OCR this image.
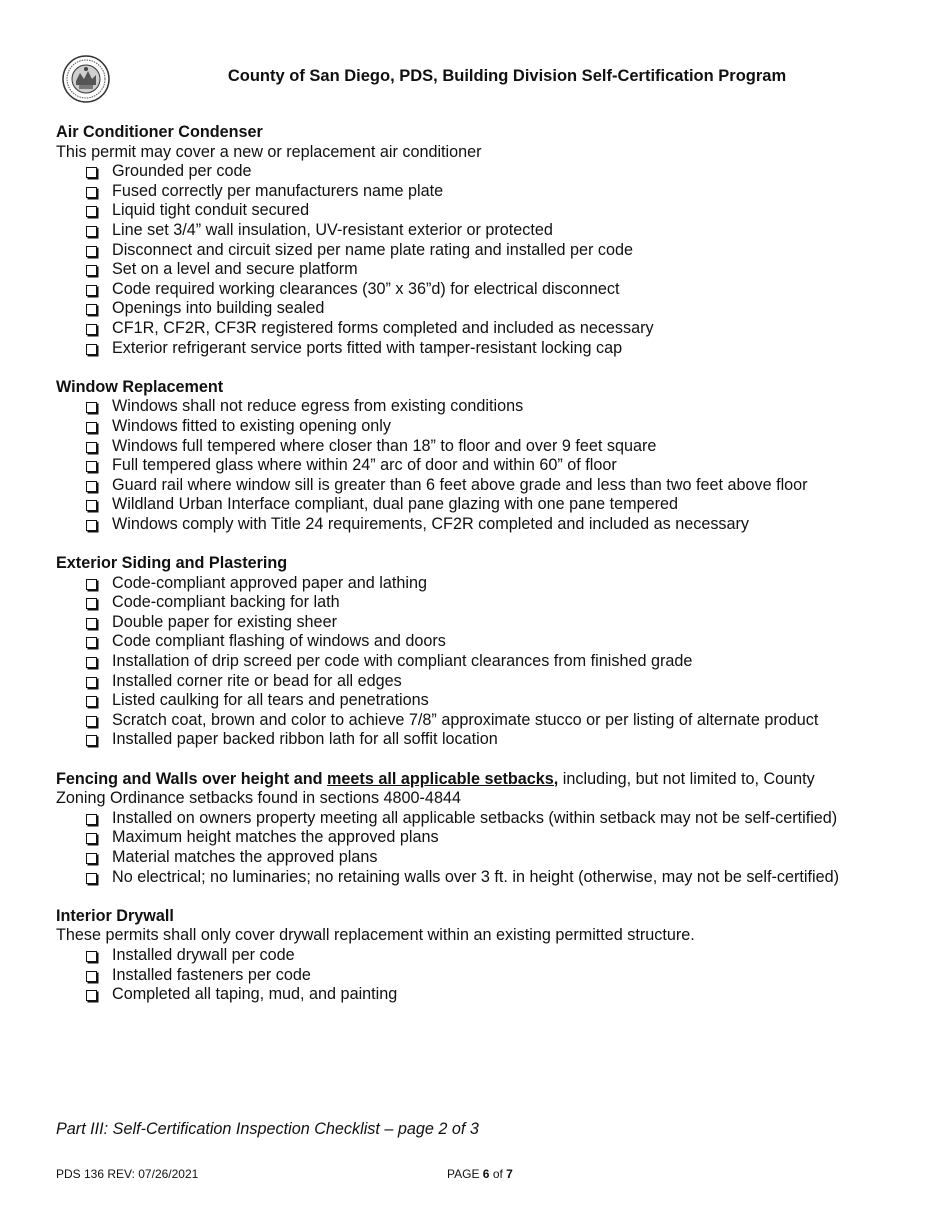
County of San Diego, PDS, Building Division Self-Certification Program
Air Conditioner Condenser
This permit may cover a new or replacement air conditioner
Grounded per code
Fused correctly per manufacturers name plate
Liquid tight conduit secured
Line set 3/4” wall insulation, UV-resistant exterior or protected
Disconnect and circuit sized per name plate rating and installed per code
Set on a level and secure platform
Code required working clearances (30” x 36”d) for electrical disconnect
Openings into building sealed
CF1R, CF2R, CF3R registered forms completed and included as necessary
Exterior refrigerant service ports fitted with tamper-resistant locking cap
Window Replacement
Windows shall not reduce egress from existing conditions
Windows fitted to existing opening only
Windows full tempered where closer than 18” to floor and over 9 feet square
Full tempered glass where within 24” arc of door and within 60” of floor
Guard rail where window sill is greater than 6 feet above grade and less than two feet above floor
Wildland Urban Interface compliant, dual pane glazing with one pane tempered
Windows comply with Title 24 requirements, CF2R completed and included as necessary
Exterior Siding and Plastering
Code-compliant approved paper and lathing
Code-compliant backing for lath
Double paper for existing sheer
Code compliant flashing of windows and doors
Installation of drip screed per code with compliant clearances from finished grade
Installed corner rite or bead for all edges
Listed caulking for all tears and penetrations
Scratch coat, brown and color to achieve 7/8” approximate stucco or per listing of alternate product
Installed paper backed ribbon lath for all soffit location
Fencing and Walls over height and meets all applicable setbacks, including, but not limited to, County
Zoning Ordinance setbacks found in sections 4800-4844
Installed on owners property meeting all applicable setbacks (within setback may not be self-certified)
Maximum height matches the approved plans
Material matches the approved plans
No electrical; no luminaries; no retaining walls over 3 ft. in height (otherwise, may not be self-certified)
Interior Drywall
These permits shall only cover drywall replacement within an existing permitted structure.
Installed drywall per code
Installed fasteners per code
Completed all taping, mud, and painting
Part III: Self-Certification Inspection Checklist – page 2 of 3
PDS 136 REV: 07/26/2021	PAGE 6 of 7
